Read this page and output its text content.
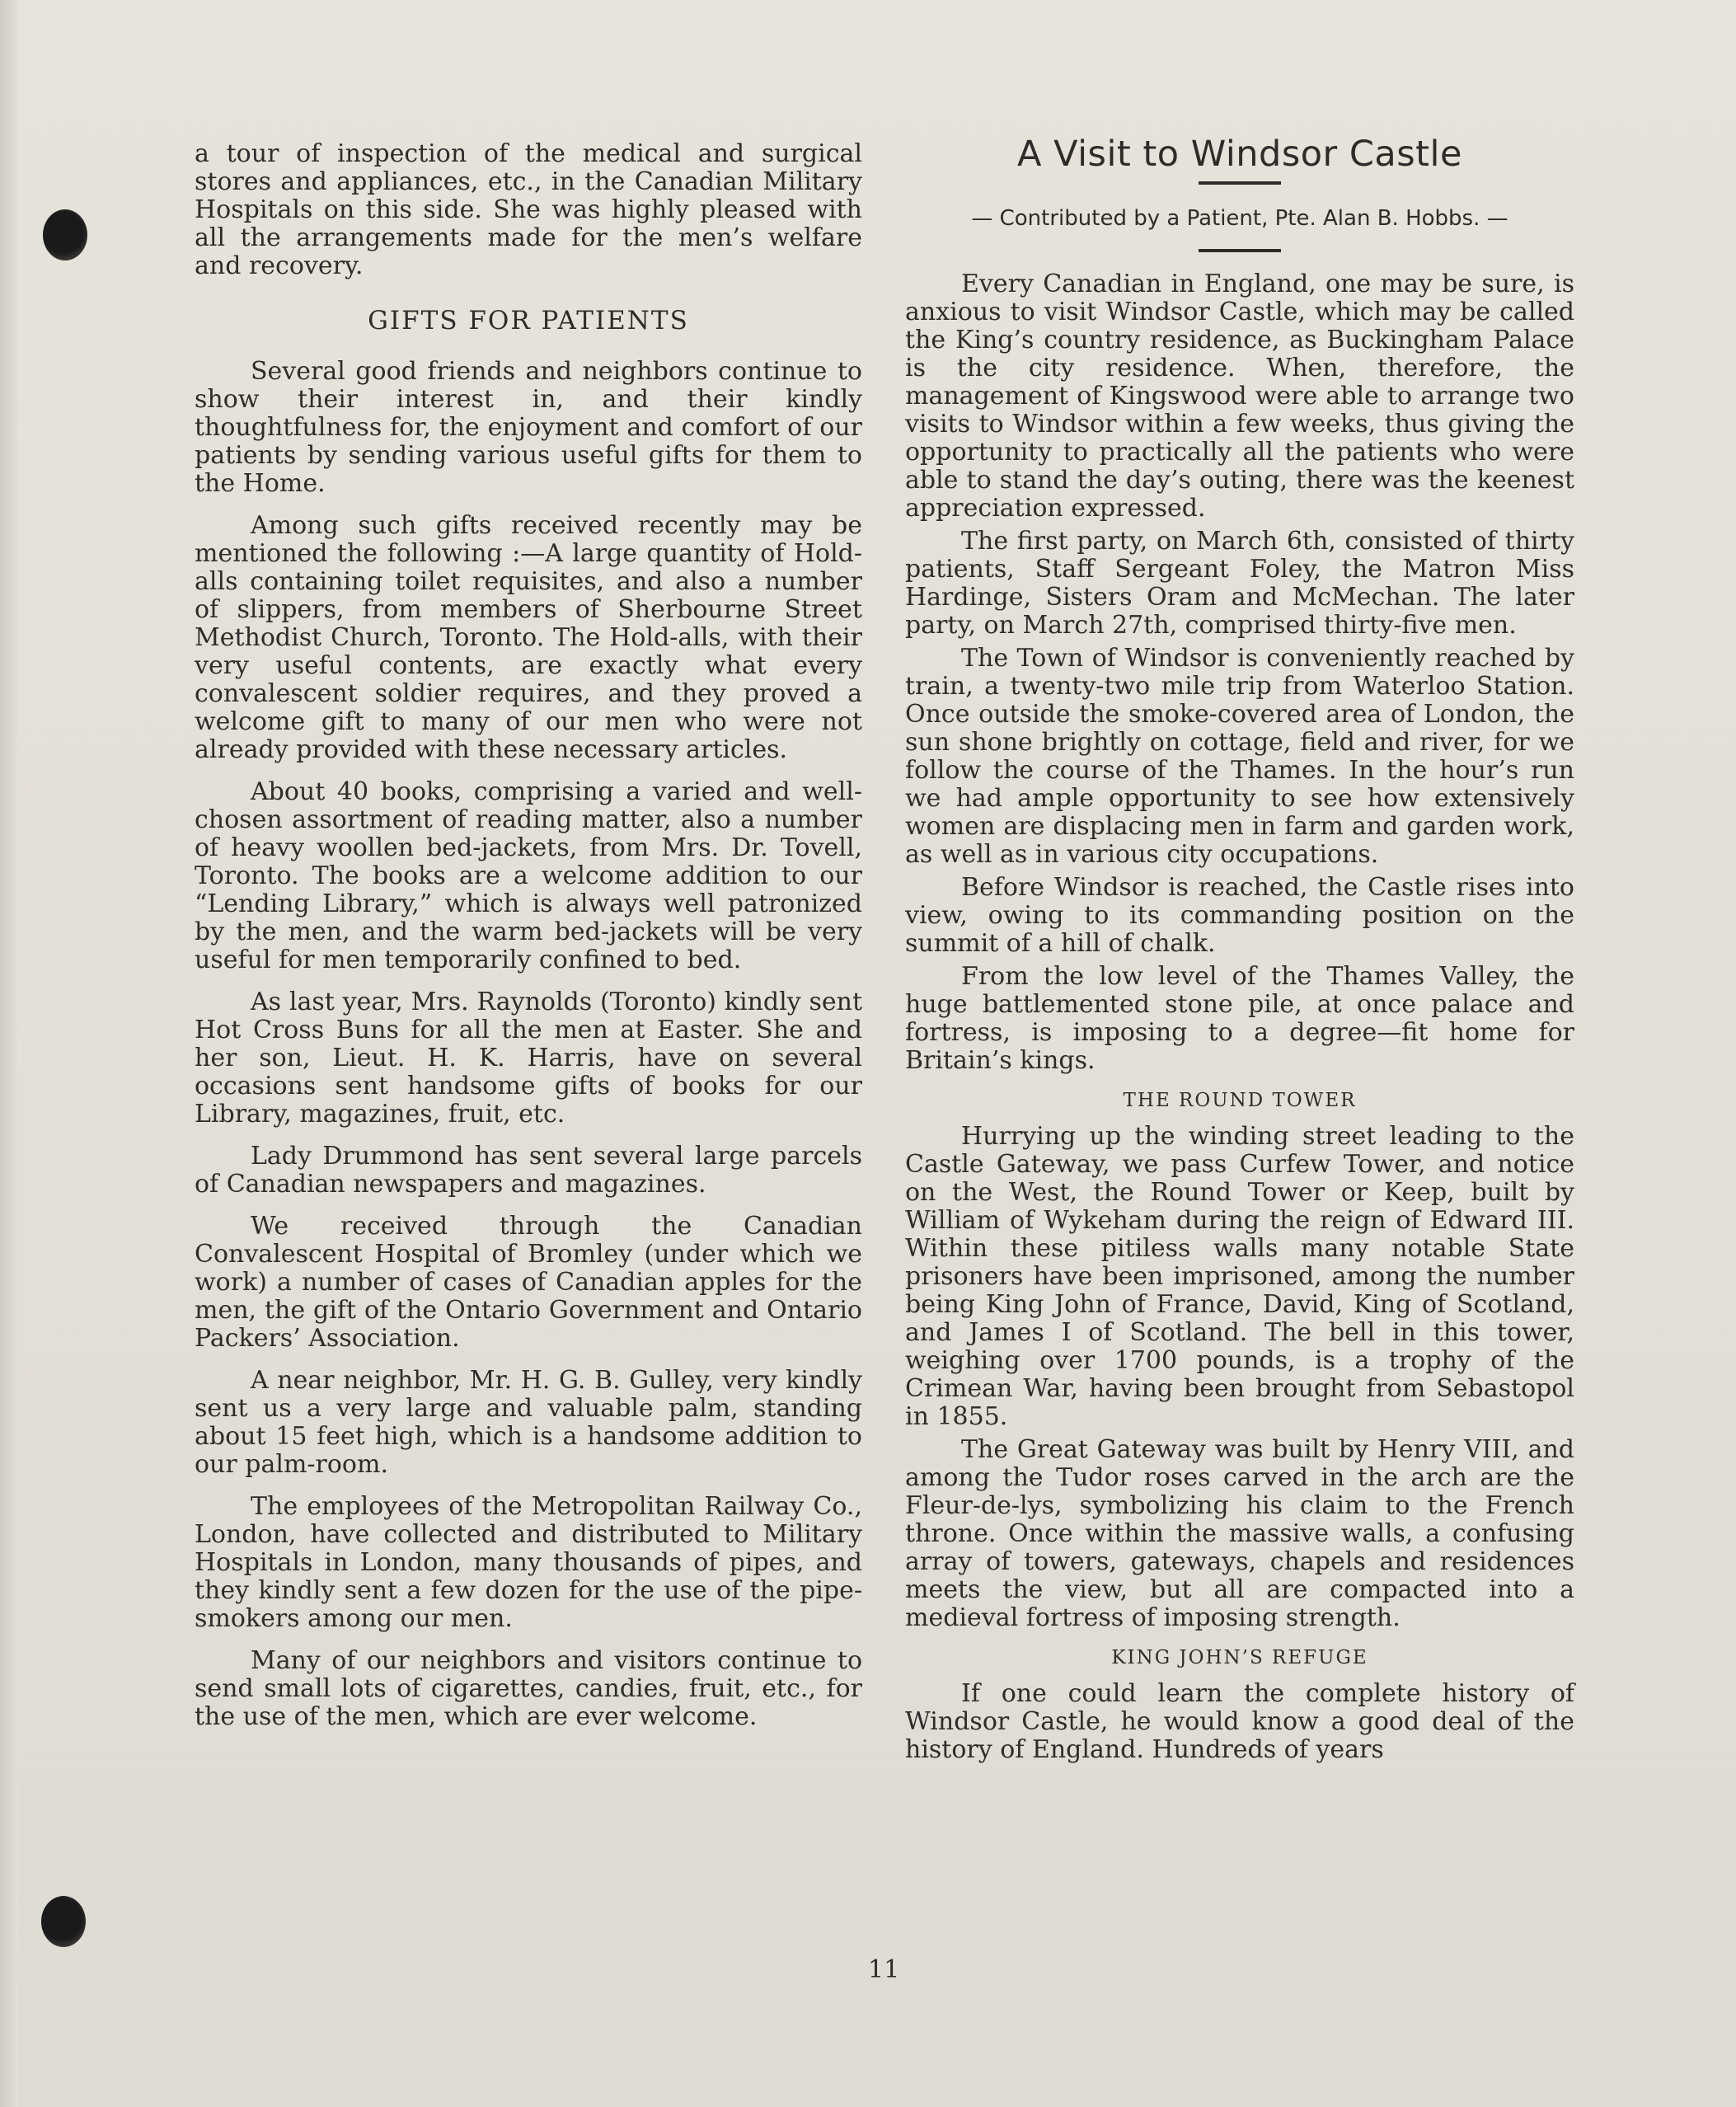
a tour of inspection of the medical and surgical stores and appliances, etc., in the Canadian Military Hospitals on this side. She was highly pleased with all the arrangements made for the men’s welfare and recovery.

GIFTS FOR PATIENTS

Several good friends and neighbors continue to show their interest in, and their kindly thoughtfulness for, the enjoyment and comfort of our patients by sending various useful gifts for them to the Home.

Among such gifts received recently may be mentioned the following :—A large quantity of Hold-alls containing toilet requisites, and also a number of slippers, from members of Sherbourne Street Methodist Church, Toronto. The Hold-alls, with their very useful contents, are exactly what every convalescent soldier requires, and they proved a welcome gift to many of our men who were not already provided with these necessary articles.

About 40 books, comprising a varied and well-chosen assortment of reading matter, also a number of heavy woollen bed-jackets, from Mrs. Dr. Tovell, Toronto. The books are a welcome addition to our “Lending Library,” which is always well patronized by the men, and the warm bed-jackets will be very useful for men temporarily confined to bed.

As last year, Mrs. Raynolds (Toronto) kindly sent Hot Cross Buns for all the men at Easter. She and her son, Lieut. H. K. Harris, have on several occasions sent handsome gifts of books for our Library, magazines, fruit, etc.

Lady Drummond has sent several large parcels of Canadian newspapers and magazines.

We received through the Canadian Convalescent Hospital of Bromley (under which we work) a number of cases of Canadian apples for the men, the gift of the Ontario Government and Ontario Packers’ Association.

A near neighbor, Mr. H. G. B. Gulley, very kindly sent us a very large and valuable palm, standing about 15 feet high, which is a handsome addition to our palm-room.

The employees of the Metropolitan Railway Co., London, have collected and distributed to Military Hospitals in London, many thousands of pipes, and they kindly sent a few dozen for the use of the pipe-smokers among our men.

Many of our neighbors and visitors continue to send small lots of cigarettes, candies, fruit, etc., for the use of the men, which are ever welcome.

A Visit to Windsor Castle
— Contributed by a Patient, Pte. Alan B. Hobbs. —

Every Canadian in England, one may be sure, is anxious to visit Windsor Castle, which may be called the King’s country residence, as Buckingham Palace is the city residence. When, therefore, the management of Kingswood were able to arrange two visits to Windsor within a few weeks, thus giving the opportunity to practically all the patients who were able to stand the day’s outing, there was the keenest appreciation expressed.

The first party, on March 6th, consisted of thirty patients, Staff Sergeant Foley, the Matron Miss Hardinge, Sisters Oram and McMechan. The later party, on March 27th, comprised thirty-five men.

The Town of Windsor is conveniently reached by train, a twenty-two mile trip from Waterloo Station. Once outside the smoke-covered area of London, the sun shone brightly on cottage, field and river, for we follow the course of the Thames. In the hour’s run we had ample opportunity to see how extensively women are displacing men in farm and garden work, as well as in various city occupations.

Before Windsor is reached, the Castle rises into view, owing to its commanding position on the summit of a hill of chalk.

From the low level of the Thames Valley, the huge battlemented stone pile, at once palace and fortress, is imposing to a degree—fit home for Britain’s kings.

THE ROUND TOWER

Hurrying up the winding street leading to the Castle Gateway, we pass Curfew Tower, and notice on the West, the Round Tower or Keep, built by William of Wykeham during the reign of Edward III. Within these pitiless walls many notable State prisoners have been imprisoned, among the number being King John of France, David, King of Scotland, and James I of Scotland. The bell in this tower, weighing over 1700 pounds, is a trophy of the Crimean War, having been brought from Sebastopol in 1855.

The Great Gateway was built by Henry VIII, and among the Tudor roses carved in the arch are the Fleur-de-lys, symbolizing his claim to the French throne. Once within the massive walls, a confusing array of towers, gateways, chapels and residences meets the view, but all are compacted into a medieval fortress of imposing strength.

KING JOHN’S REFUGE

If one could learn the complete history of Windsor Castle, he would know a good deal of the history of England. Hundreds of years

11
